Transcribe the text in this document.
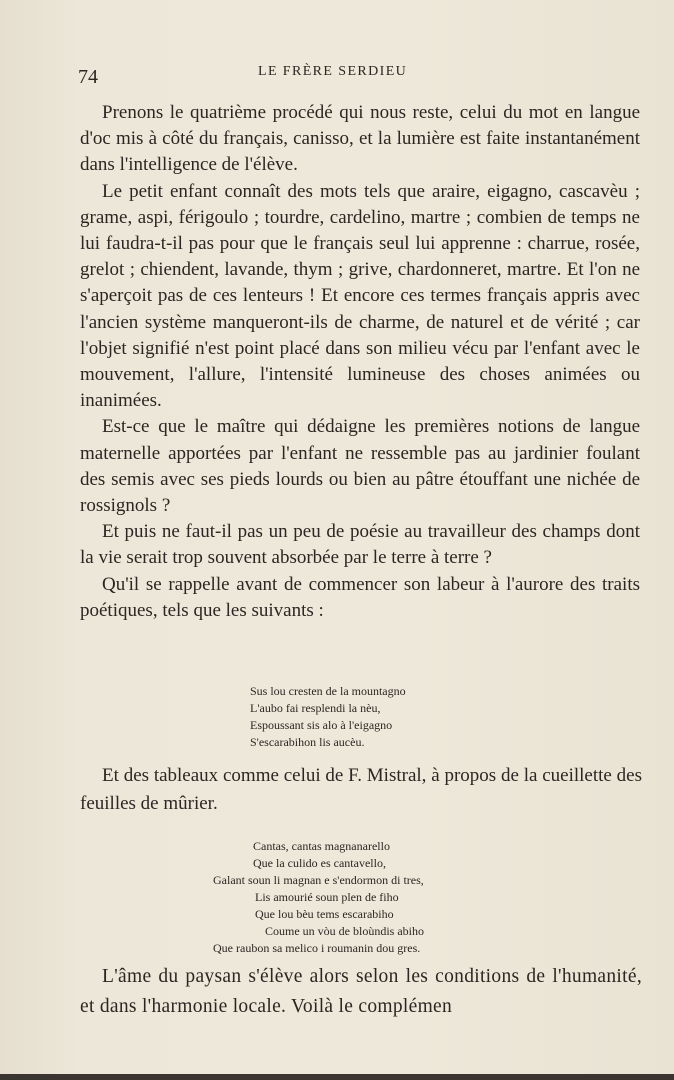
74	LE FRÈRE SERDIEU

Prenons le quatrième procédé qui nous reste, celui du mot en langue d'oc mis à côté du français, canisso, et la lumière est faite instantanément dans l'intelligence de l'élève.

Le petit enfant connaît des mots tels que araire, eigagno, cascavèu ; grame, aspi, férigoulo ; tourdre, cardelino, martre ; combien de temps ne lui faudra-t-il pas pour que le français seul lui apprenne : charrue, rosée, grelot ; chiendent, lavande, thym ; grive, chardonneret, martre. Et l'on ne s'aperçoit pas de ces lenteurs ! Et encore ces termes français appris avec l'ancien système manqueront-ils de charme, de naturel et de vérité ; car l'objet signifié n'est point placé dans son milieu vécu par l'enfant avec le mouvement, l'allure, l'intensité lumineuse des choses animées ou inanimées.

Est-ce que le maître qui dédaigne les premières notions de langue maternelle apportées par l'enfant ne ressemble pas au jardinier foulant des semis avec ses pieds lourds ou bien au pâtre étouffant une nichée de rossignols ?

Et puis ne faut-il pas un peu de poésie au travailleur des champs dont la vie serait trop souvent absorbée par le terre à terre ?

Qu'il se rappelle avant de commencer son labeur à l'aurore des traits poétiques, tels que les suivants :

Sus lou cresten de la mountagno
L'aubo fai resplendi la nèu,
Espoussant sis alo à l'eigagno
S'escarabihon lis aucèu.

Et des tableaux comme celui de F. Mistral, à propos de la cueillette des feuilles de mûrier.

Cantas, cantas magnanarello
Que la culido es cantavello,
Galant soun li magnan e s'endormon di tres,
Lis amourié soun plen de fiho
Que lou bèu tems escarabiho
Coume un vòu de bloùndis abiho
Que raubon sa melico i roumanin dou gres.

L'âme du paysan s'élève alors selon les conditions de l'humanité, et dans l'harmonie locale. Voilà le complémen
